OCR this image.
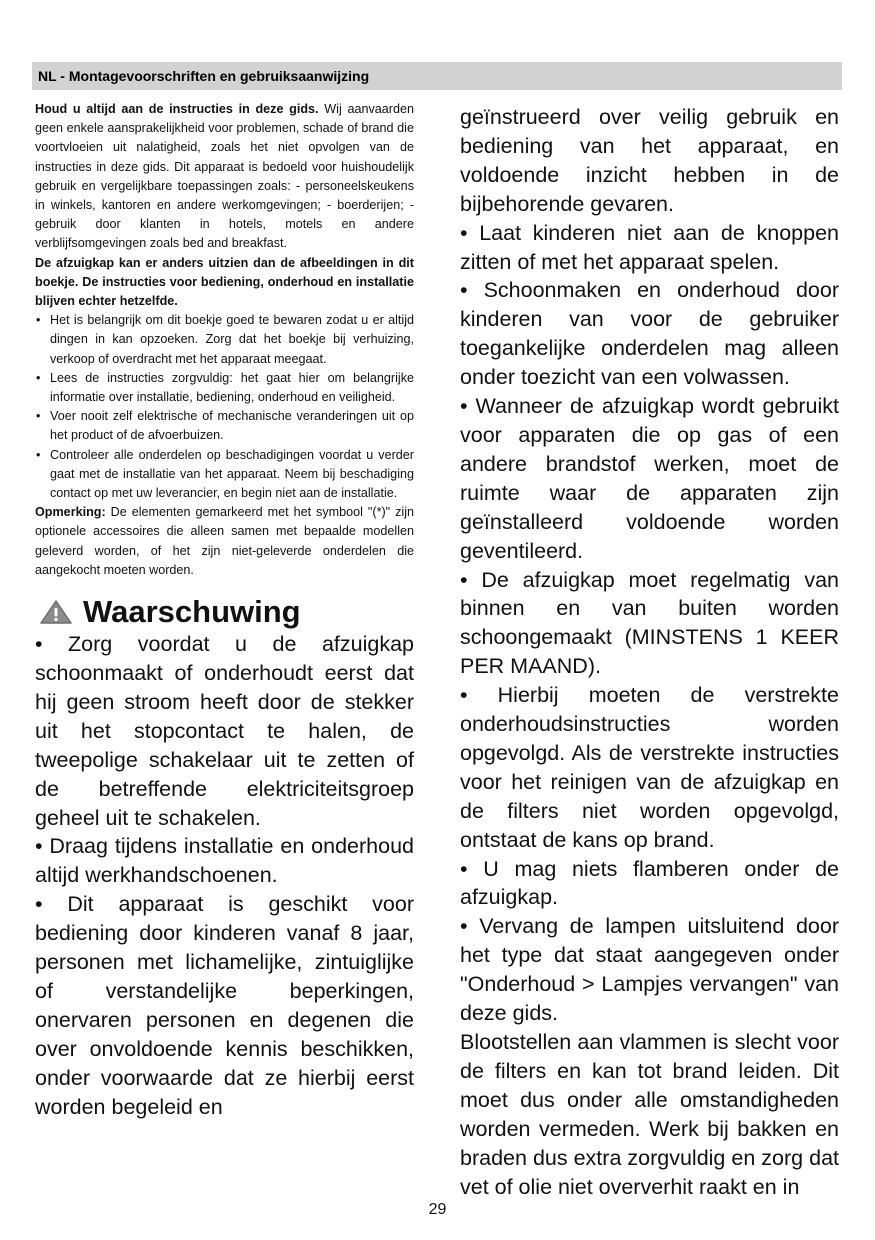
NL - Montagevoorschriften en gebruiksaanwijzing

Houd u altijd aan de instructies in deze gids. Wij aanvaarden geen enkele aansprakelijkheid voor problemen, schade of brand die voortvloeien uit nalatigheid, zoals het niet opvolgen van de instructies in deze gids. Dit apparaat is bedoeld voor huishoudelijk gebruik en vergelijkbare toepassingen zoals: - personeelskeukens in winkels, kantoren en andere werkomgevingen; - boerderijen; - gebruik door klanten in hotels, motels en andere verblijfsomgevingen zoals bed and breakfast.

De afzuigkap kan er anders uitzien dan de afbeeldingen in dit boekje. De instructies voor bediening, onderhoud en installatie blijven echter hetzelfde.

• Het is belangrijk om dit boekje goed te bewaren zodat u er altijd dingen in kan opzoeken. Zorg dat het boekje bij verhuizing, verkoop of overdracht met het apparaat meegaat.
• Lees de instructies zorgvuldig: het gaat hier om belangrijke informatie over installatie, bediening, onderhoud en veiligheid.
• Voer nooit zelf elektrische of mechanische veranderingen uit op het product of de afvoerbuizen.
• Controleer alle onderdelen op beschadigingen voordat u verder gaat met de installatie van het apparaat. Neem bij beschadiging contact op met uw leverancier, en begin niet aan de installatie.

Opmerking: De elementen gemarkeerd met het symbool "(*)" zijn optionele accessoires die alleen samen met bepaalde modellen geleverd worden, of het zijn niet-geleverde onderdelen die aangekocht moeten worden.

Waarschuwing

• Zorg voordat u de afzuigkap schoonmaakt of onderhoudt eerst dat hij geen stroom heeft door de stekker uit het stopcontact te halen, de tweepolige schakelaar uit te zetten of de betreffende elektriciteitsgroep geheel uit te schakelen.

• Draag tijdens installatie en onderhoud altijd werkhandschoenen.

• Dit apparaat is geschikt voor bediening door kinderen vanaf 8 jaar, personen met lichamelijke, zintuiglijke of verstandelijke beperkingen, onervaren personen en degenen die over onvoldoende kennis beschikken, onder voorwaarde dat ze hierbij eerst worden begeleid en

geïnstrueerd over veilig gebruik en bediening van het apparaat, en voldoende inzicht hebben in de bijbehorende gevaren.

• Laat kinderen niet aan de knoppen zitten of met het apparaat spelen.

• Schoonmaken en onderhoud door kinderen van voor de gebruiker toegankelijke onderdelen mag alleen onder toezicht van een volwassen.

• Wanneer de afzuigkap wordt gebruikt voor apparaten die op gas of een andere brandstof werken, moet de ruimte waar de apparaten zijn geïnstalleerd voldoende worden geventileerd.

• De afzuigkap moet regelmatig van binnen en van buiten worden schoongemaakt (MINSTENS 1 KEER PER MAAND).

• Hierbij moeten de verstrekte onderhoudsinstructies worden opgevolgd. Als de verstrekte instructies voor het reinigen van de afzuigkap en de filters niet worden opgevolgd, ontstaat de kans op brand.

• U mag niets flamberen onder de afzuigkap.

• Vervang de lampen uitsluitend door het type dat staat aangegeven onder "Onderhoud > Lampjes vervangen" van deze gids.

Blootstellen aan vlammen is slecht voor de filters en kan tot brand leiden. Dit moet dus onder alle omstandigheden worden vermeden. Werk bij bakken en braden dus extra zorgvuldig en zorg dat vet of olie niet oververhit raakt en in

29
